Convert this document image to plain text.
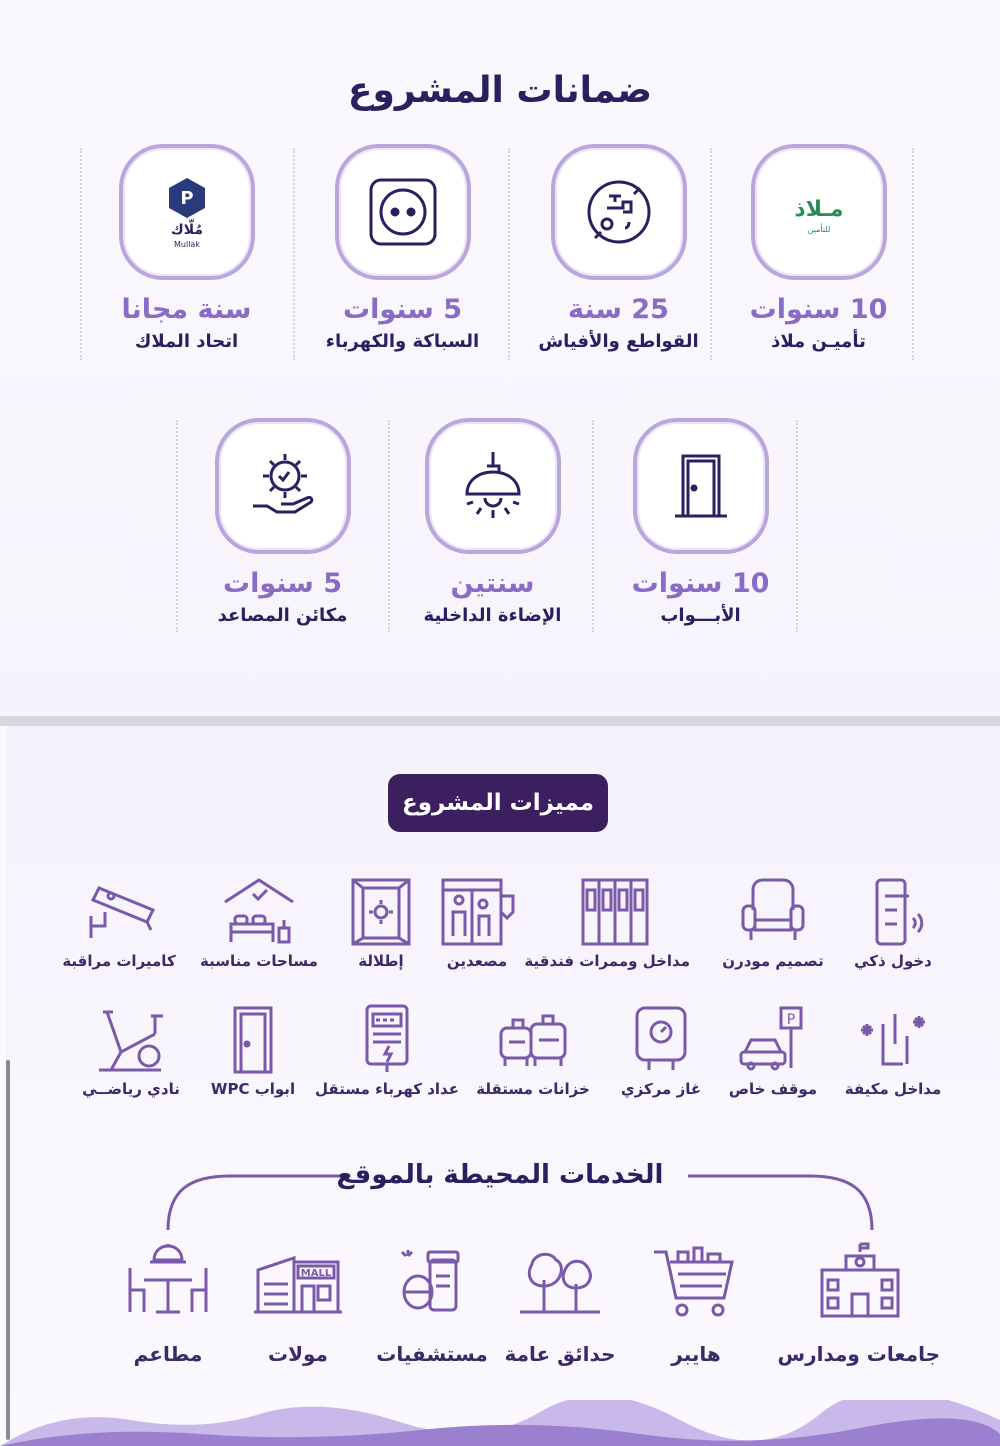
ضمانات المشروع
مـلاذ
للتأمين
10 سنوات
تأميـن ملاذ
25 سنة
القواطع والأفياش
5 سنوات
السباكة والكهرباء
P
مُلّاك
Mullak
سنة مجانا
اتحاد الملاك
10 سنوات
الأبـــواب
سنتين
الإضاءة الداخلية
5 سنوات
مكائن المصاعد
مميزات المشروع
دخول ذكي
تصميم مودرن
مداخل وممرات فندقية
مصعدين
إطلالة
مساحات مناسبة
كاميرات مراقبة
مداخل مكيفة
P
موقف خاص
غاز مركزي
خزانات مستقلة
عداد كهرباء مستقل
ابواب WPC
نادي رياضــي
الخدمات المحيطة بالموقع
جامعات ومدارس
هايبر
حدائق عامة
مستشفيات
MALL
مولات
مطاعم
